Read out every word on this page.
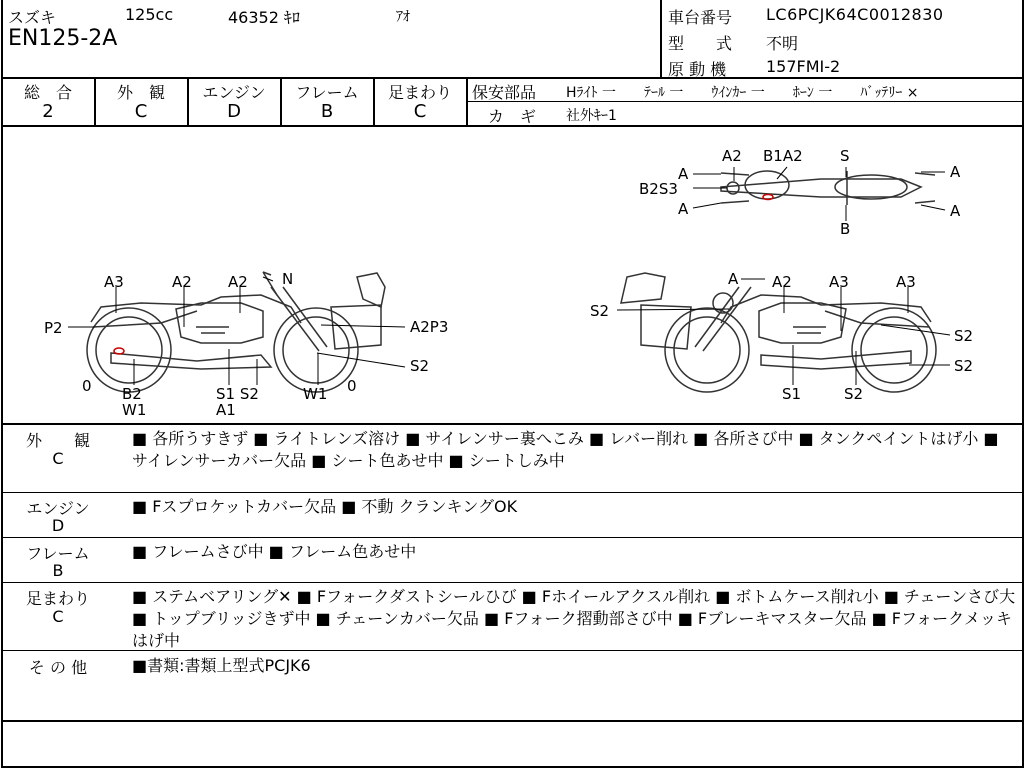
スズキ	125cc	46352 ｷﾛ	ｱｵ
EN125-2A
車台番号 LC6PCJK64C0012830
型　　式 不明
原 動 機 157FMI-2
総　合
2
外　観
C
エンジン
D
フレーム
B
足まわり
C
保安部品 Hﾗｲﾄ 一　　ﾃｰﾙ 一　　ｳｲﾝｶｰ 一　　ﾎｰﾝ 一　　ﾊﾞｯﾃﾘｰ ×
カ　ギ 社外ｷｰ1
A3	A2 A2 N
P2	A2P3
S2
0 B2
W1
S1 S2
A1
W1 0
A A2 A3	A3
S2
S2
S2
S1	S2
A2 B1A2 S
A
B2S3
A
A
A
B
外　　観
C
■ 各所うすきず ■ ライトレンズ溶け ■ サイレンサー裏へこみ ■ レバー削れ ■ 各所さび中 ■ タンクペイントはげ小 ■ サイレンサーカバー欠品 ■ シート色あせ中 ■ シートしみ中
エンジン
D
■ Fスプロケットカバー欠品 ■ 不動 クランキングOK
フレーム
B
■ フレームさび中 ■ フレーム色あせ中
足まわり
C
■ ステムベアリング✕ ■ Fフォークダストシールひび ■ Fホイールアクスル削れ ■ ボトムケース削れ小 ■ チェーンさび大 ■ トップブリッジきず中 ■ チェーンカバー欠品 ■ Fフォーク摺動部さび中 ■ Fブレーキマスター欠品 ■ Fフォークメッキはげ中
そ の 他	■書類:書類上型式PCJK6
